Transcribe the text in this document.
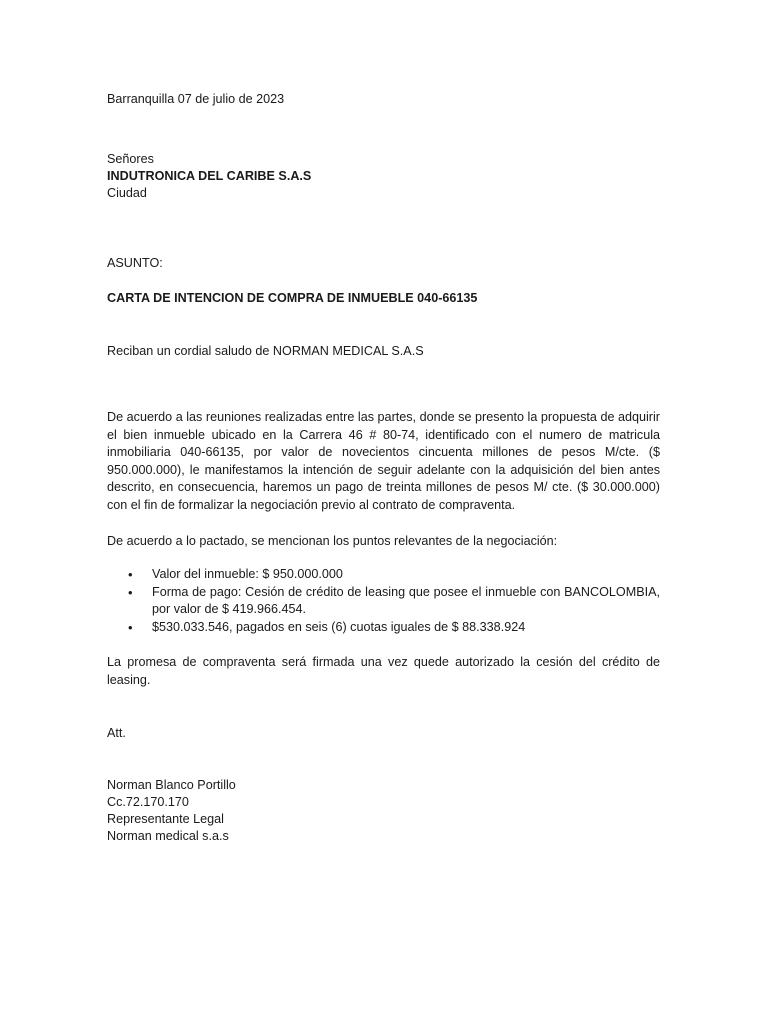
Barranquilla 07 de julio de 2023
Señores
INDUTRONICA DEL CARIBE S.A.S
Ciudad
ASUNTO:
CARTA DE INTENCION DE COMPRA DE INMUEBLE 040-66135
Reciban un cordial saludo de NORMAN MEDICAL S.A.S
De acuerdo a las reuniones realizadas entre las partes, donde se presento la propuesta de adquirir
el bien inmueble ubicado en la Carrera 46 # 80-74, identificado con el numero de matricula
inmobiliaria 040-66135, por valor de novecientos cincuenta millones de pesos M/cte. ($
950.000.000), le manifestamos la intención de seguir adelante con la adquisición del bien antes
descrito, en consecuencia, haremos un pago de treinta millones de pesos M/ cte. ($ 30.000.000)
con el fin de formalizar la negociación previo al contrato de compraventa.
De acuerdo a lo pactado, se mencionan los puntos relevantes de la negociación:
• Valor del inmueble: $ 950.000.000
• Forma de pago: Cesión de crédito de leasing que posee el inmueble con BANCOLOMBIA,
por valor de $ 419.966.454.
• $530.033.546, pagados en seis (6) cuotas iguales de $ 88.338.924
La promesa de compraventa será firmada una vez quede autorizado la cesión del crédito de
leasing.
Att.
Norman Blanco Portillo
Cc.72.170.170
Representante Legal
Norman medical s.a.s
